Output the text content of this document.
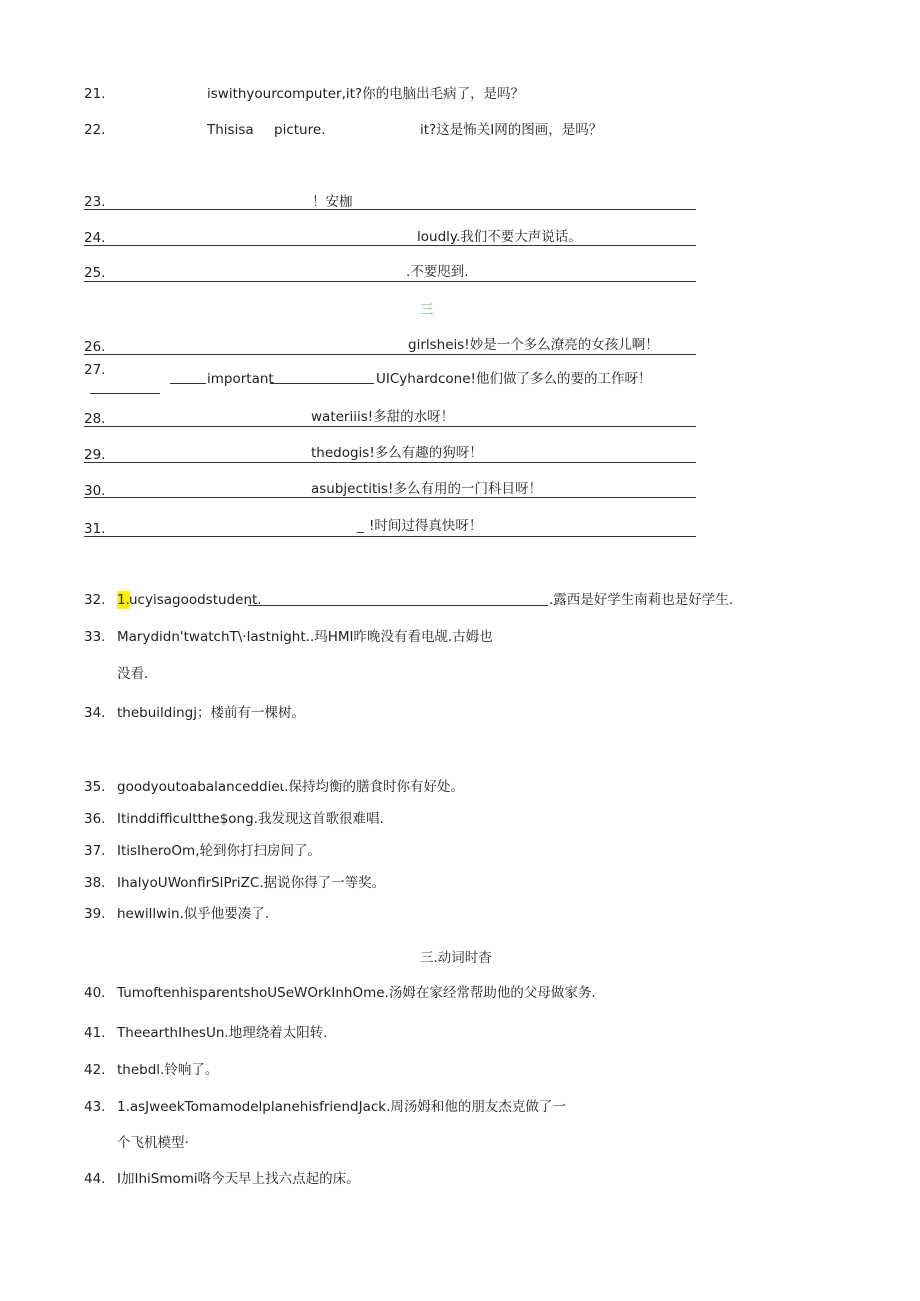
21.	iswithyourcomputer,it?你的电脑出毛病了，是吗？
22.	Thisisa picture.	it?这是怖关I网的图画，是吗？
23.	！安枷
24.	loudly.我们不要大声说话。
25.	.不要咫到.
三
26.	girlsheis!妙是一个多么潦亮的女孩儿啊！
27.
important	UICyhardcone!他们做了多么的要的工作呀！
28.	wateriiis!多甜的水呀！
29.	thedogis!多么有趣的狗呀！
30.	asubjectitis!多么有用的一门科目呀！
31.	_ !时间过得真快呀！
32. 1. ucyisagoodstudent.	.露西是好学生南莉也是好学生.
33. Marydidn'twatchT\·lastnight..玛HMI昨晚没有看电觇.古姆也
没看.
34. thebuildingj；楼前有一棵树。
35. goodyoutoabalanceddieι.保持均衡的膳食时你有好处。
36. Itinddifficultthe$ong.我发现这首歌很难唱.
37. ItisIheroOm,轮到你打扫房间了。
38. IhalyoUWonfirSlPriZC.据说你得了一等奖。
39. hewillwin.似乎他要凑了.
三.动词时杳
40. TumoftenhisparentshoUSeWOrkInhOme.汤姆在家经常帮助他的父母做家务.
41. TheearthIhesUn.地理绕着太阳转.
42. thebdl.铃响了。
43. 1.asJweekTomamodelplanehisfriendJack.周汤姆和他的朋友杰克做了一
个飞机模型·
44. I加IhiSmomi咯今天早上找六点起的床。
